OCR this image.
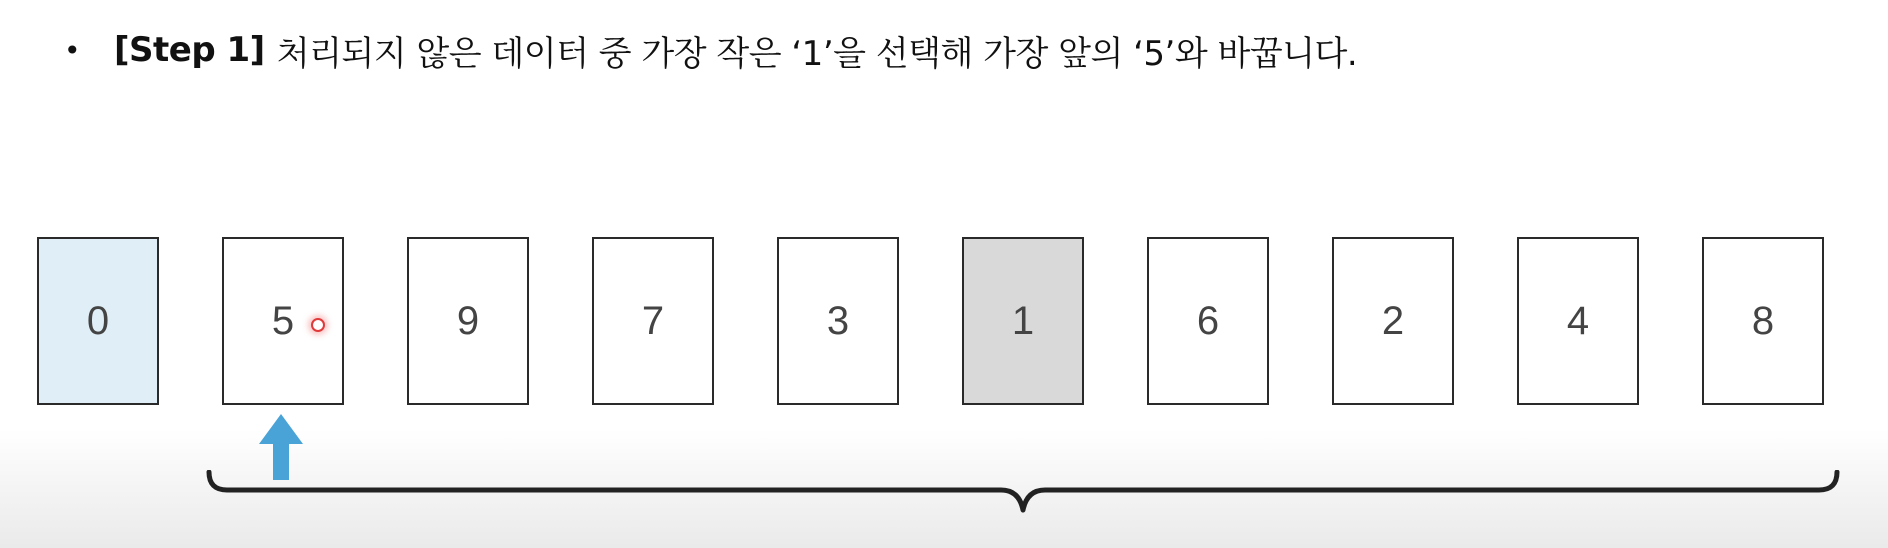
• [Step 1] 처리되지 않은 데이터 중 가장 작은 ‘1’을 선택해 가장 앞의 ‘5’와 바꿉니다.
0	5	9	7	3	1	6	2	4	8
